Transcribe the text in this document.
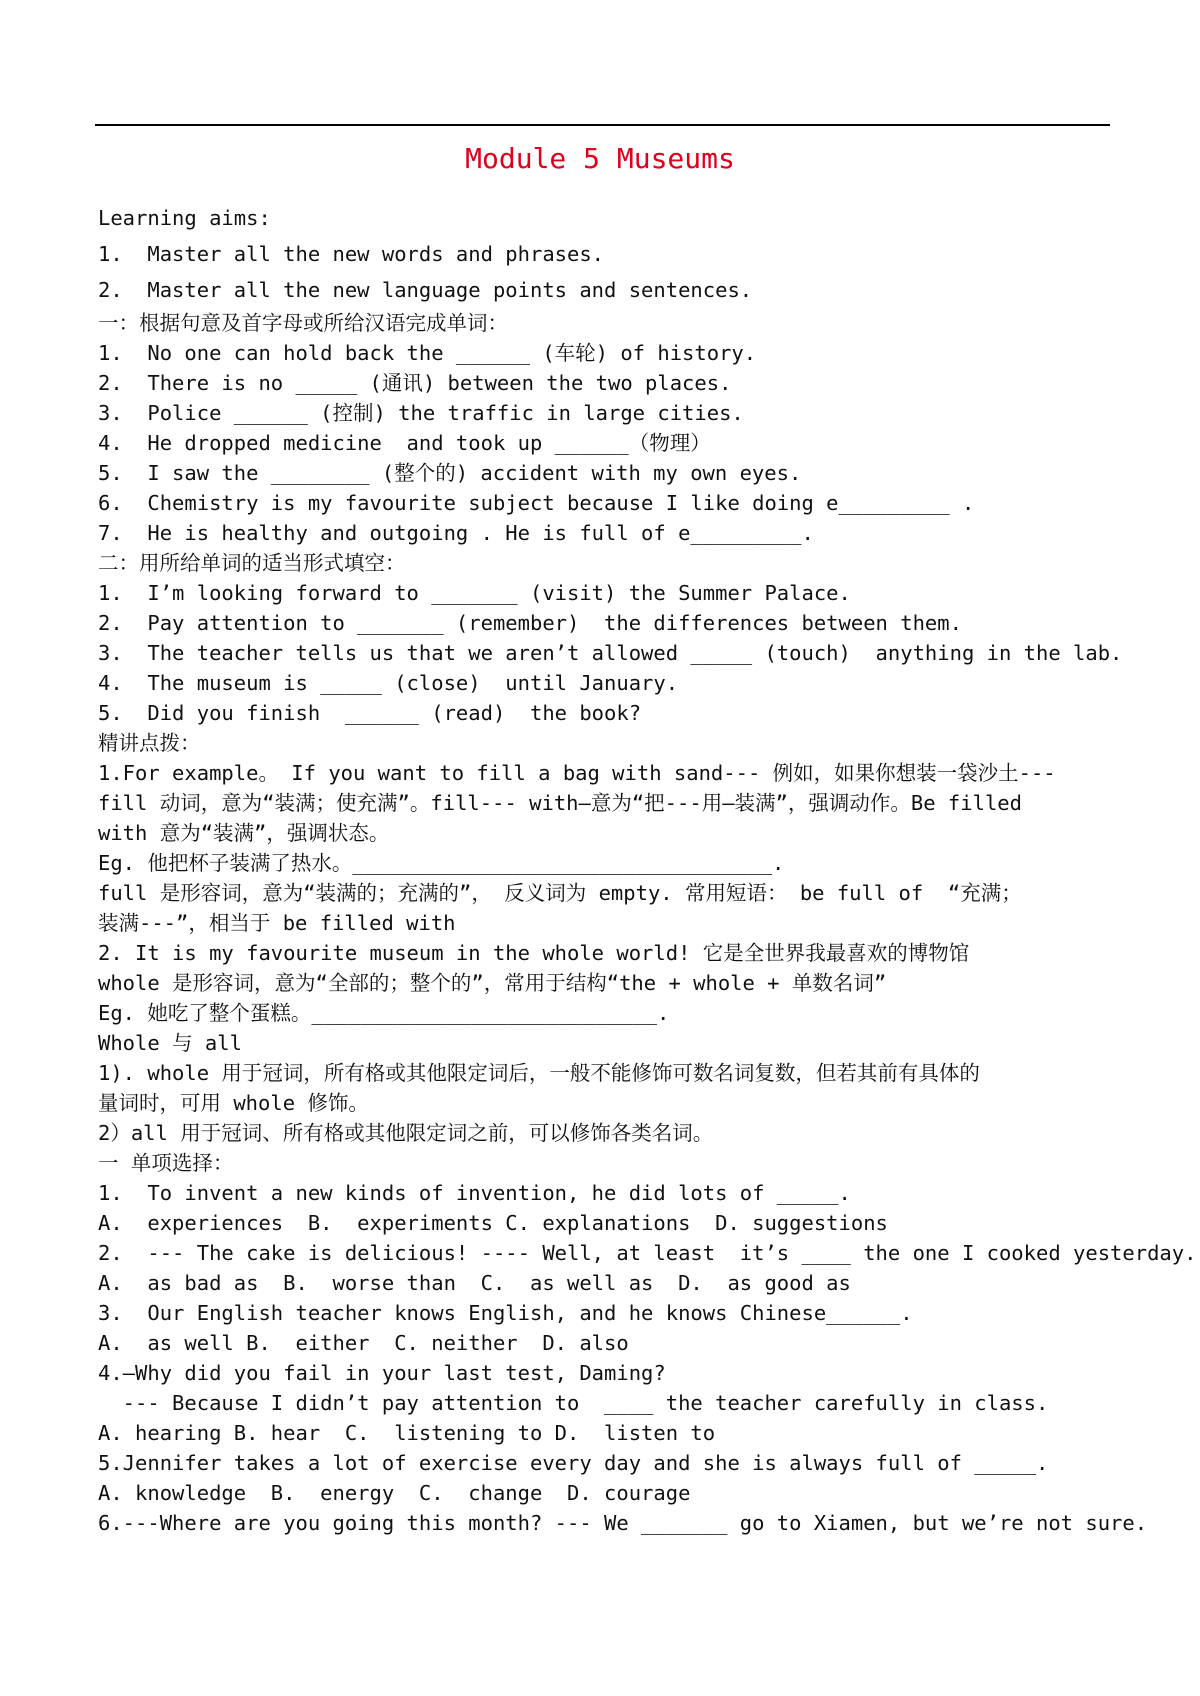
Module 5 Museums
Learning aims:
1.  Master all the new words and phrases.
2.  Master all the new language points and sentences.
一：根据句意及首字母或所给汉语完成单词：
1.  No one can hold back the ______ (车轮) of history.
2.  There is no _____ (通讯) between the two places.
3.  Police ______ (控制) the traffic in large cities.
4.  He dropped medicine  and took up ______（物理）
5.  I saw the ________ (整个的) accident with my own eyes.
6.  Chemistry is my favourite subject because I like doing e_________ .
7.  He is healthy and outgoing . He is full of e_________.
二：用所给单词的适当形式填空：
1.  I’m looking forward to _______ (visit) the Summer Palace.
2.  Pay attention to _______ (remember)  the differences between them.
3.  The teacher tells us that we aren’t allowed _____ (touch)  anything in the lab.
4.  The museum is _____ (close)  until January.
5.  Did you finish  ______ (read)  the book?
精讲点拨：
1.For example。 If you want to fill a bag with sand--- 例如，如果你想装一袋沙土---
fill 动词，意为“装满；使充满”。fill--- with—意为“把---用—装满”，强调动作。Be filled
with 意为“装满”，强调状态。
Eg. 他把杯子装满了热水。__________________________________.
full 是形容词，意为“装满的；充满的”， 反义词为 empty. 常用短语： be full of  “充满；
装满---”，相当于 be filled with
2. It is my favourite museum in the whole world! 它是全世界我最喜欢的博物馆
whole 是形容词，意为“全部的；整个的”，常用于结构“the + whole + 单数名词”
Eg. 她吃了整个蛋糕。____________________________.
Whole 与 all
1). whole 用于冠词，所有格或其他限定词后，一般不能修饰可数名词复数，但若其前有具体的
量词时，可用 whole 修饰。
2）all 用于冠词、所有格或其他限定词之前，可以修饰各类名词。
一 单项选择：
1.  To invent a new kinds of invention, he did lots of _____.
A.  experiences  B.  experiments C. explanations  D. suggestions
2.  --- The cake is delicious! ---- Well, at least  it’s ____ the one I cooked yesterday.
A.  as bad as  B.  worse than  C.  as well as  D.  as good as
3.  Our English teacher knows English, and he knows Chinese______.
A.  as well B.  either  C. neither  D. also
4.—Why did you fail in your last test, Daming?
--- Because I didn’t pay attention to  ____ the teacher carefully in class.
A. hearing B. hear  C.  listening to D.  listen to
5.Jennifer takes a lot of exercise every day and she is always full of _____.
A. knowledge  B.  energy  C.  change  D. courage
6.---Where are you going this month? --- We _______ go to Xiamen, but we’re not sure.
